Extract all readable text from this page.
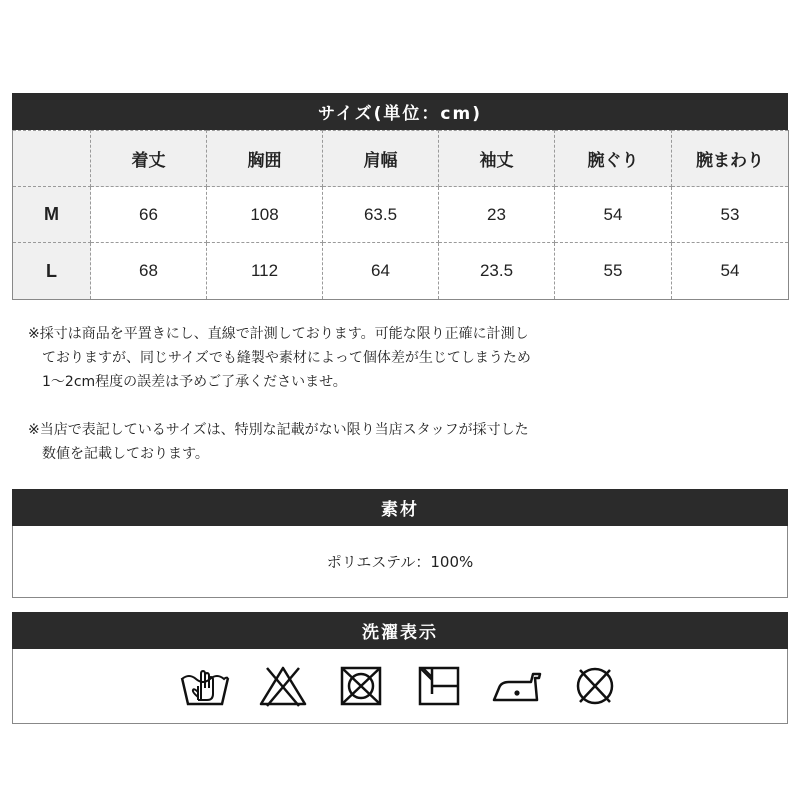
サイズ(単位：cm)
	着丈	胸囲	肩幅	袖丈	腕ぐり	腕まわり
M	66	108	63.5	23	54	53
L	68	112	64	23.5	55	54
※採寸は商品を平置きにし、直線で計測しております。可能な限り正確に計測し
ておりますが、同じサイズでも縫製や素材によって個体差が生じてしまうため
1〜2cm程度の誤差は予めご了承くださいませ。
※当店で表記しているサイズは、特別な記載がない限り当店スタッフが採寸した
数値を記載しております。
素材
ポリエステル：100%
洗濯表示
